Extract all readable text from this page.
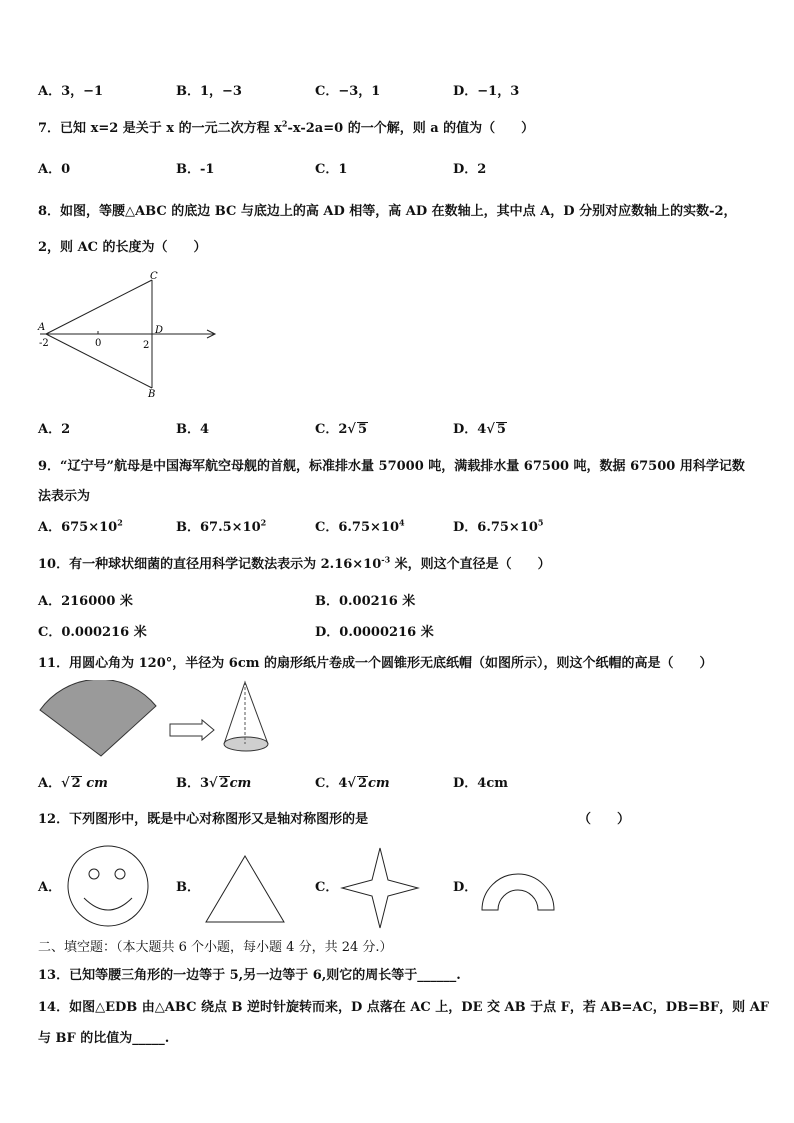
A．3，−1	B．1，−3	C．−3，1	D．−1，3
7．已知 x=2 是关于 x 的一元二次方程 $x^2-x-2a=0$ 的一个解，则 a 的值为（　　）
A．0	B．-1	C．1	D．2
8．如图，等腰△ABC 的底边 BC 与底边上的高 AD 相等，高 AD 在数轴上，其中点 A，D 分别对应数轴上的实数-2，
2，则 AC 的长度为（　　）
A
-2	0	2
D
C
B
A．2	B．4	C．2√ 5	D．4√ 5
9．“辽宁号”航母是中国海军航空母舰的首舰，标准排水量 57000 吨，满载排水量 67500 吨，数据 67500 用科学记数
法表示为
A．$675\times 10^2$	B．$67.5\times 10^2$	C．$6.75\times 10^4$	D．$6.75\times 10^5$
10．有一种球状细菌的直径用科学记数法表示为 $2.16\times 10^{-3}$ 米，则这个直径是（　　）
A．216000 米	B．0.00216 米
C．0.000216 米	D．0.0000216 米
11．用圆心角为 120°，半径为 6cm 的扇形纸片卷成一个圆锥形无底纸帽（如图所示），则这个纸帽的高是（　　）
A．√ 2 cm	B．3√ 2cm	C．4√ 2cm	D．4cm
12．下列图形中，既是中心对称图形又是轴对称图形的是	（　　）
A．	B．	C．	D．
二、填空题：（本大题共 6 个小题，每小题 4 分，共 24 分.）
13．已知等腰三角形的一边等于 5,另一边等于 6,则它的周长等于______.
14．如图△EDB 由△ABC 绕点 B 逆时针旋转而来，D 点落在 AC 上，DE 交 AB 于点 F，若 AB=AC，DB=BF，则 AF
与 BF 的比值为_____.
